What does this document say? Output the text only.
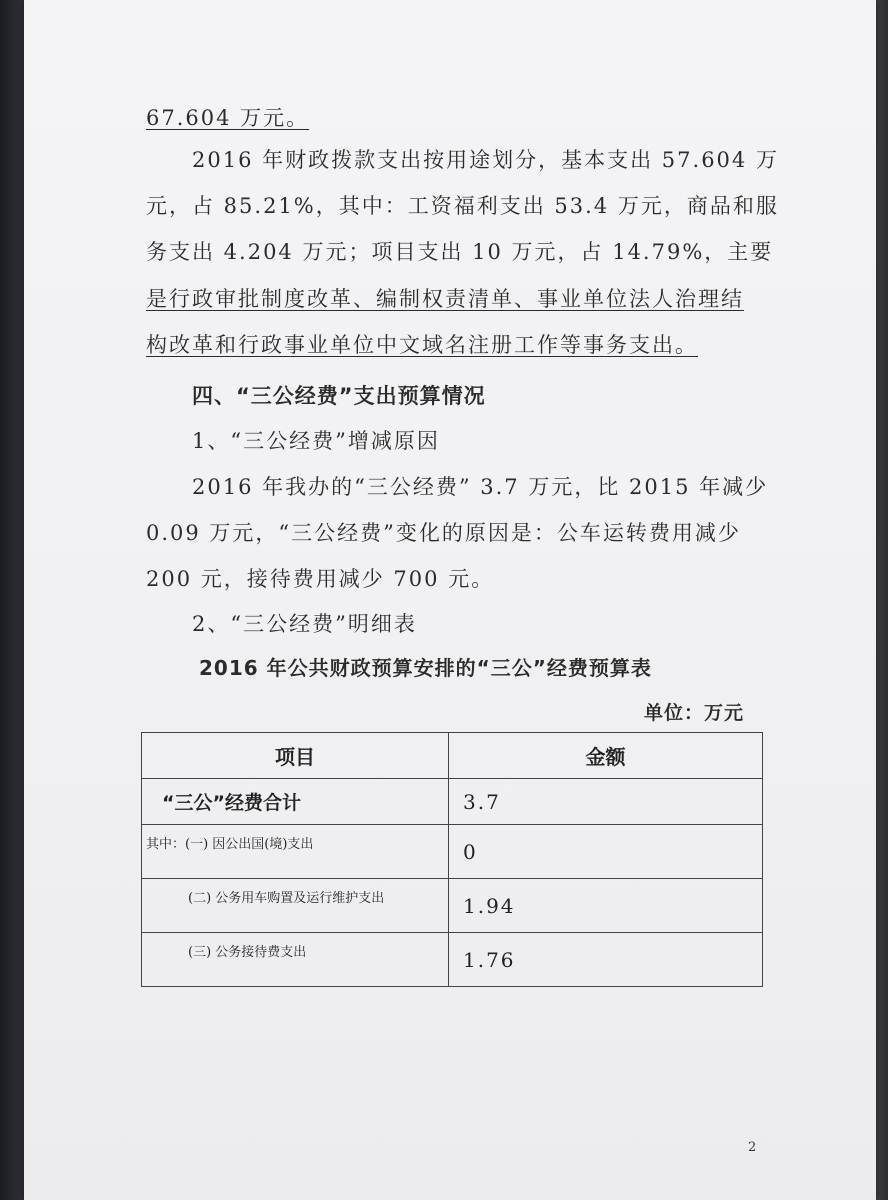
67.604 万元。
2016 年财政拨款支出按用途划分，基本支出 57.604 万
元，占 85.21%，其中：工资福利支出 53.4 万元，商品和服
务支出 4.204 万元；项目支出 10 万元，占 14.79%，主要
是行政审批制度改革、编制权责清单、事业单位法人治理结
构改革和行政事业单位中文域名注册工作等事务支出。
四、“三公经费”支出预算情况
1、“三公经费”增减原因
2016 年我办的“三公经费” 3.7 万元，比 2015 年减少
0.09 万元，“三公经费”变化的原因是：公车运转费用减少
200 元，接待费用减少 700 元。
2、“三公经费”明细表
2016 年公共财政预算安排的“三公”经费预算表
单位：万元
项目	金额
“三公”经费合计	3.7
其中：(一) 因公出国(境)支出	0
(二) 公务用车购置及运行维护支出	1.94
(三) 公务接待费支出	1.76
2
